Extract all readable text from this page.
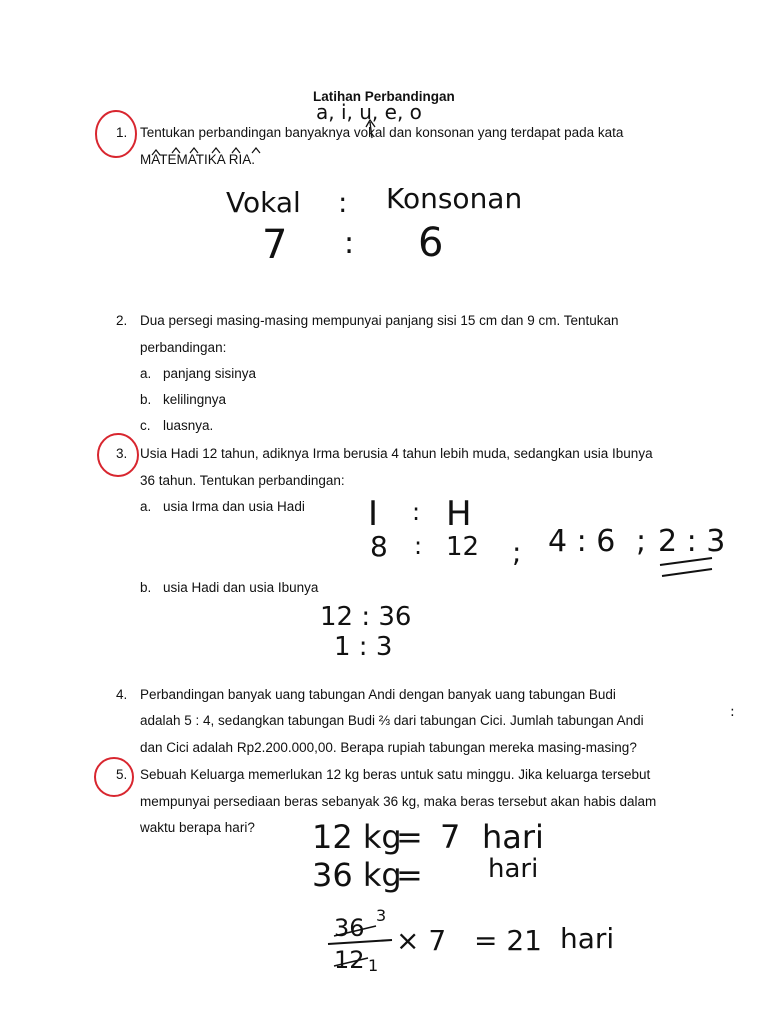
Latihan Perbandingan
1. Tentukan perbandingan banyaknya vokal dan konsonan yang terdapat pada kata
MATEMATIKA RIA.
2. Dua persegi masing-masing mempunyai panjang sisi 15 cm dan 9 cm. Tentukan
perbandingan:
a. panjang sisinya
b. kelilingnya
c. luasnya.
3. Usia Hadi 12 tahun, adiknya Irma berusia 4 tahun lebih muda, sedangkan usia Ibunya
36 tahun. Tentukan perbandingan:
a. usia Irma dan usia Hadi
b. usia Hadi dan usia Ibunya
4. Perbandingan banyak uang tabungan Andi dengan banyak uang tabungan Budi
adalah 5 : 4, sedangkan tabungan Budi ⅔ dari tabungan Cici. Jumlah tabungan Andi
dan Cici adalah Rp2.200.000,00. Berapa rupiah tabungan mereka masing-masing?
5. Sebuah Keluarga memerlukan 12 kg beras untuk satu minggu. Jika keluarga tersebut
mempunyai persediaan beras sebanyak 36 kg, maka beras tersebut akan habis dalam
waktu berapa hari?
a, i, u, e, o
Vokal : Konsonan
7 : 6
I : H
8 : 12 ; 4 : 6 ; 2 : 3
12 : 36
1 : 3
:
12 kg
= 7 hari
36 kg
=	hari
36 3
12 1
× 7 = 21 hari
